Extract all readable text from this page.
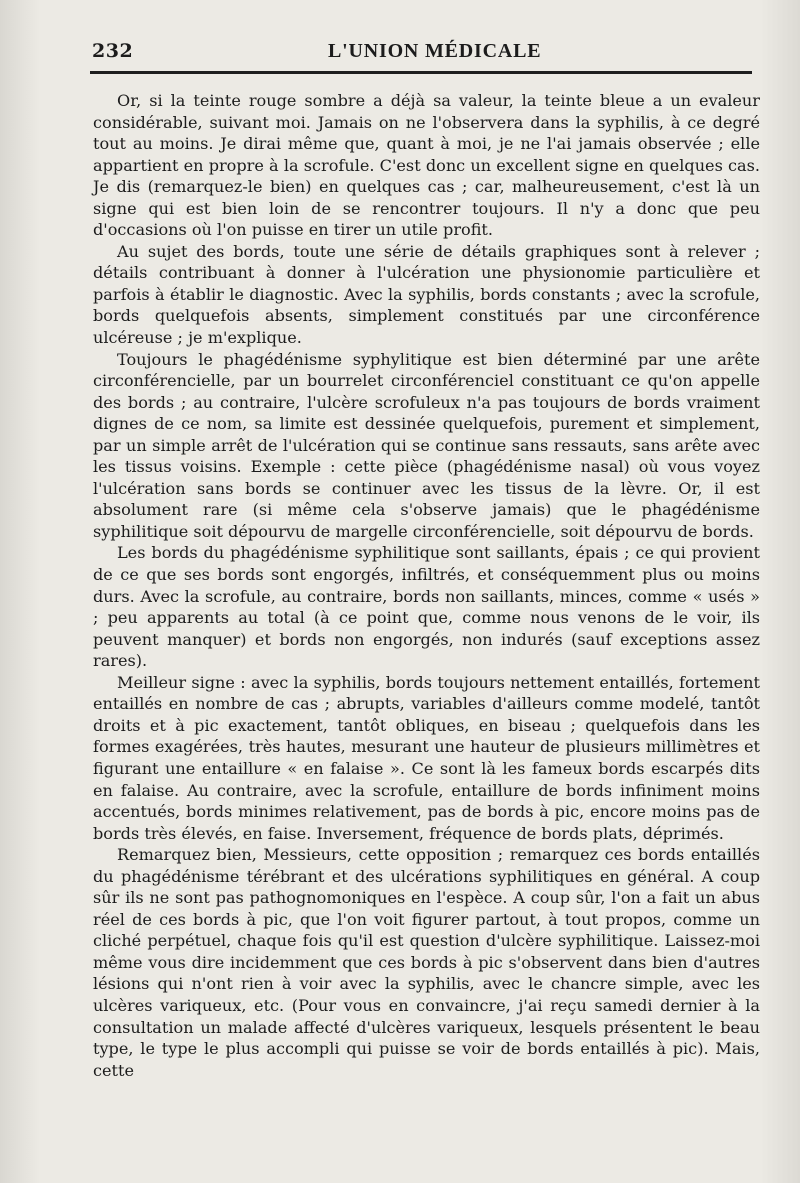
232	L'UNION MÉDICALE

Or, si la teinte rouge sombre a déjà sa valeur, la teinte bleue a un evaleur considérable, suivant moi. Jamais on ne l'observera dans la syphilis, à ce degré tout au moins. Je dirai même que, quant à moi, je ne l'ai jamais observée ; elle appartient en propre à la scrofule. C'est donc un excellent signe en quelques cas. Je dis (remarquez-le bien) en quelques cas ; car, malheureusement, c'est là un signe qui est bien loin de se rencontrer toujours. Il n'y a donc que peu d'occasions où l'on puisse en tirer un utile profit.

Au sujet des bords, toute une série de détails graphiques sont à relever ; détails contribuant à donner à l'ulcération une physionomie particulière et parfois à établir le diagnostic. Avec la syphilis, bords constants ; avec la scrofule, bords quelquefois absents, simplement constitués par une circonférence ulcéreuse ; je m'explique.

Toujours le phagédénisme syphylitique est bien déterminé par une arête circonférencielle, par un bourrelet circonférenciel constituant ce qu'on appelle des bords ; au contraire, l'ulcère scrofuleux n'a pas toujours de bords vraiment dignes de ce nom, sa limite est dessinée quelquefois, purement et simplement, par un simple arrêt de l'ulcération qui se continue sans ressauts, sans arête avec les tissus voisins. Exemple : cette pièce (phagédénisme nasal) où vous voyez l'ulcération sans bords se continuer avec les tissus de la lèvre. Or, il est absolument rare (si même cela s'observe jamais) que le phagédénisme syphilitique soit dépourvu de margelle circonférencielle, soit dépourvu de bords.

Les bords du phagédénisme syphilitique sont saillants, épais ; ce qui provient de ce que ses bords sont engorgés, infiltrés, et conséquemment plus ou moins durs. Avec la scrofule, au contraire, bords non saillants, minces, comme « usés » ; peu apparents au total (à ce point que, comme nous venons de le voir, ils peuvent manquer) et bords non engorgés, non indurés (sauf exceptions assez rares).

Meilleur signe : avec la syphilis, bords toujours nettement entaillés, fortement entaillés en nombre de cas ; abrupts, variables d'ailleurs comme modelé, tantôt droits et à pic exactement, tantôt obliques, en biseau ; quelquefois dans les formes exagérées, très hautes, mesurant une hauteur de plusieurs millimètres et figurant une entaillure « en falaise ». Ce sont là les fameux bords escarpés dits en falaise. Au contraire, avec la scrofule, entaillure de bords infiniment moins accentués, bords minimes relativement, pas de bords à pic, encore moins pas de bords très élevés, en faise. Inversement, fréquence de bords plats, déprimés.

Remarquez bien, Messieurs, cette opposition ; remarquez ces bords entaillés du phagédénisme térébrant et des ulcérations syphilitiques en général. A coup sûr ils ne sont pas pathognomoniques en l'espèce. A coup sûr, l'on a fait un abus réel de ces bords à pic, que l'on voit figurer partout, à tout propos, comme un cliché perpétuel, chaque fois qu'il est question d'ulcère syphilitique. Laissez-moi même vous dire incidemment que ces bords à pic s'observent dans bien d'autres lésions qui n'ont rien à voir avec la syphilis, avec le chancre simple, avec les ulcères variqueux, etc. (Pour vous en convaincre, j'ai reçu samedi dernier à la consultation un malade affecté d'ulcères variqueux, lesquels présentent le beau type, le type le plus accompli qui puisse se voir de bords entaillés à pic). Mais, cette
